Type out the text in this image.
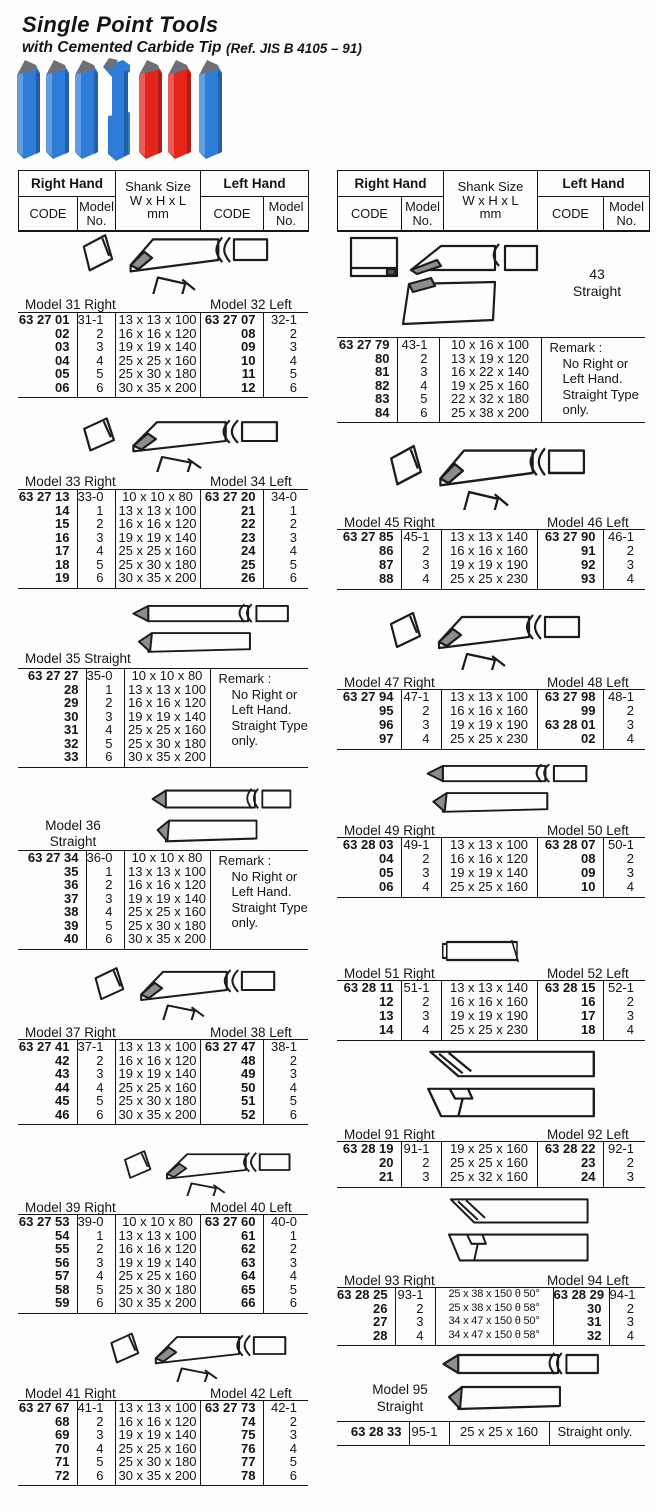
Single Point Tools
with Cemented Carbide Tip (Ref. JIS B 4105 – 91)
Right Hand		Shank Size
W x H x L
mm	Left Hand	
CODE	Model No.		CODE	Model No.
Right Hand		Shank Size
W x H x L
mm	Left Hand	
CODE	Model No.		CODE	Model No.
Model 31 Right	Model 32 Left
63 27 01	31-1	13 x 13 x 100	63 27 07	32-1
02	2	16 x 16 x 120	08	2
03	3	19 x 19 x 140	09	3
04	4	25 x 25 x 160	10	4
05	5	25 x 30 x 180	11	5
06	6	30 x 35 x 200	12	6
Model 33 Right	Model 34 Left
63 27 13	33-0	10 x 10 x 80	63 27 20	34-0
14	1	13 x 13 x 100	21	1
15	2	16 x 16 x 120	22	2
16	3	19 x 19 x 140	23	3
17	4	25 x 25 x 160	24	4
18	5	25 x 30 x 180	25	5
19	6	30 x 35 x 200	26	6
Model 35 Straight
63 27 27	35-0	10 x 10 x 80	Remark :
No Right or
Left Hand.
Straight Type
only.

28	1	13 x 13 x 100	
29	2	16 x 16 x 120	
30	3	19 x 19 x 140	
31	4	25 x 25 x 160	
32	5	25 x 30 x 180	
33	6	30 x 35 x 200	
Model 36
Straight
63 27 34	36-0	10 x 10 x 80	Remark :
No Right or
Left Hand.
Straight Type
only.

35	1	13 x 13 x 100	
36	2	16 x 16 x 120	
37	3	19 x 19 x 140	
38	4	25 x 25 x 160	
39	5	25 x 30 x 180	
40	6	30 x 35 x 200	
Model 37 Right	Model 38 Left
63 27 41	37-1	13 x 13 x 100	63 27 47	38-1
42	2	16 x 16 x 120	48	2
43	3	19 x 19 x 140	49	3
44	4	25 x 25 x 160	50	4
45	5	25 x 30 x 180	51	5
46	6	30 x 35 x 200	52	6
Model 39 Right	Model 40 Left
63 27 53	39-0	10 x 10 x 80	63 27 60	40-0
54	1	13 x 13 x 100	61	1
55	2	16 x 16 x 120	62	2
56	3	19 x 19 x 140	63	3
57	4	25 x 25 x 160	64	4
58	5	25 x 30 x 180	65	5
59	6	30 x 35 x 200	66	6
Model 41 Right	Model 42 Left
63 27 67	41-1	13 x 13 x 100	63 27 73	42-1
68	2	16 x 16 x 120	74	2
69	3	19 x 19 x 140	75	3
70	4	25 x 25 x 160	76	4
71	5	25 x 30 x 180	77	5
72	6	30 x 35 x 200	78	6
43
Straight
63 27 79	43-1	10 x 16 x 100	Remark :
No Right or
Left Hand.
Straight Type
only.

80	2	13 x 19 x 120	
81	3	16 x 22 x 140	
82	4	19 x 25 x 160	
83	5	22 x 32 x 180	
84	6	25 x 38 x 200	
Model 45 Right	Model 46 Left
63 27 85	45-1	13 x 13 x 140	63 27 90	46-1
86	2	16 x 16 x 160	91	2
87	3	19 x 19 x 190	92	3
88	4	25 x 25 x 230	93	4
Model 47 Right	Model 48 Left
63 27 94	47-1	13 x 13 x 100	63 27 98	48-1
95	2	16 x 16 x 160	99	2
96	3	19 x 19 x 190	63 28 01	3
97	4	25 x 25 x 230	02	4
Model 49 Right	Model 50 Left
63 28 03	49-1	13 x 13 x 100	63 28 07	50-1
04	2	16 x 16 x 120	08	2
05	3	19 x 19 x 140	09	3
06	4	25 x 25 x 160	10	4
Model 51 Right	Model 52 Left
63 28 11	51-1	13 x 13 x 140	63 28 15	52-1
12	2	16 x 16 x 160	16	2
13	3	19 x 19 x 190	17	3
14	4	25 x 25 x 230	18	4
Model 91 Right	Model 92 Left
63 28 19	91-1	19 x 25 x 160	63 28 22	92-1
20	2	25 x 25 x 160	23	2
21	3	25 x 32 x 160	24	3
Model 93 Right	Model 94 Left
63 28 25	93-1	25 x 38 x 150 θ 50°	63 28 29	94-1
26	2	25 x 38 x 150 θ 58°	30	2
27	3	34 x 47 x 150 θ 50°	31	3
28	4	34 x 47 x 150 θ 58°	32	4
Model 95
Straight
63 28 33	95-1	25 x 25 x 160	Straight only.
